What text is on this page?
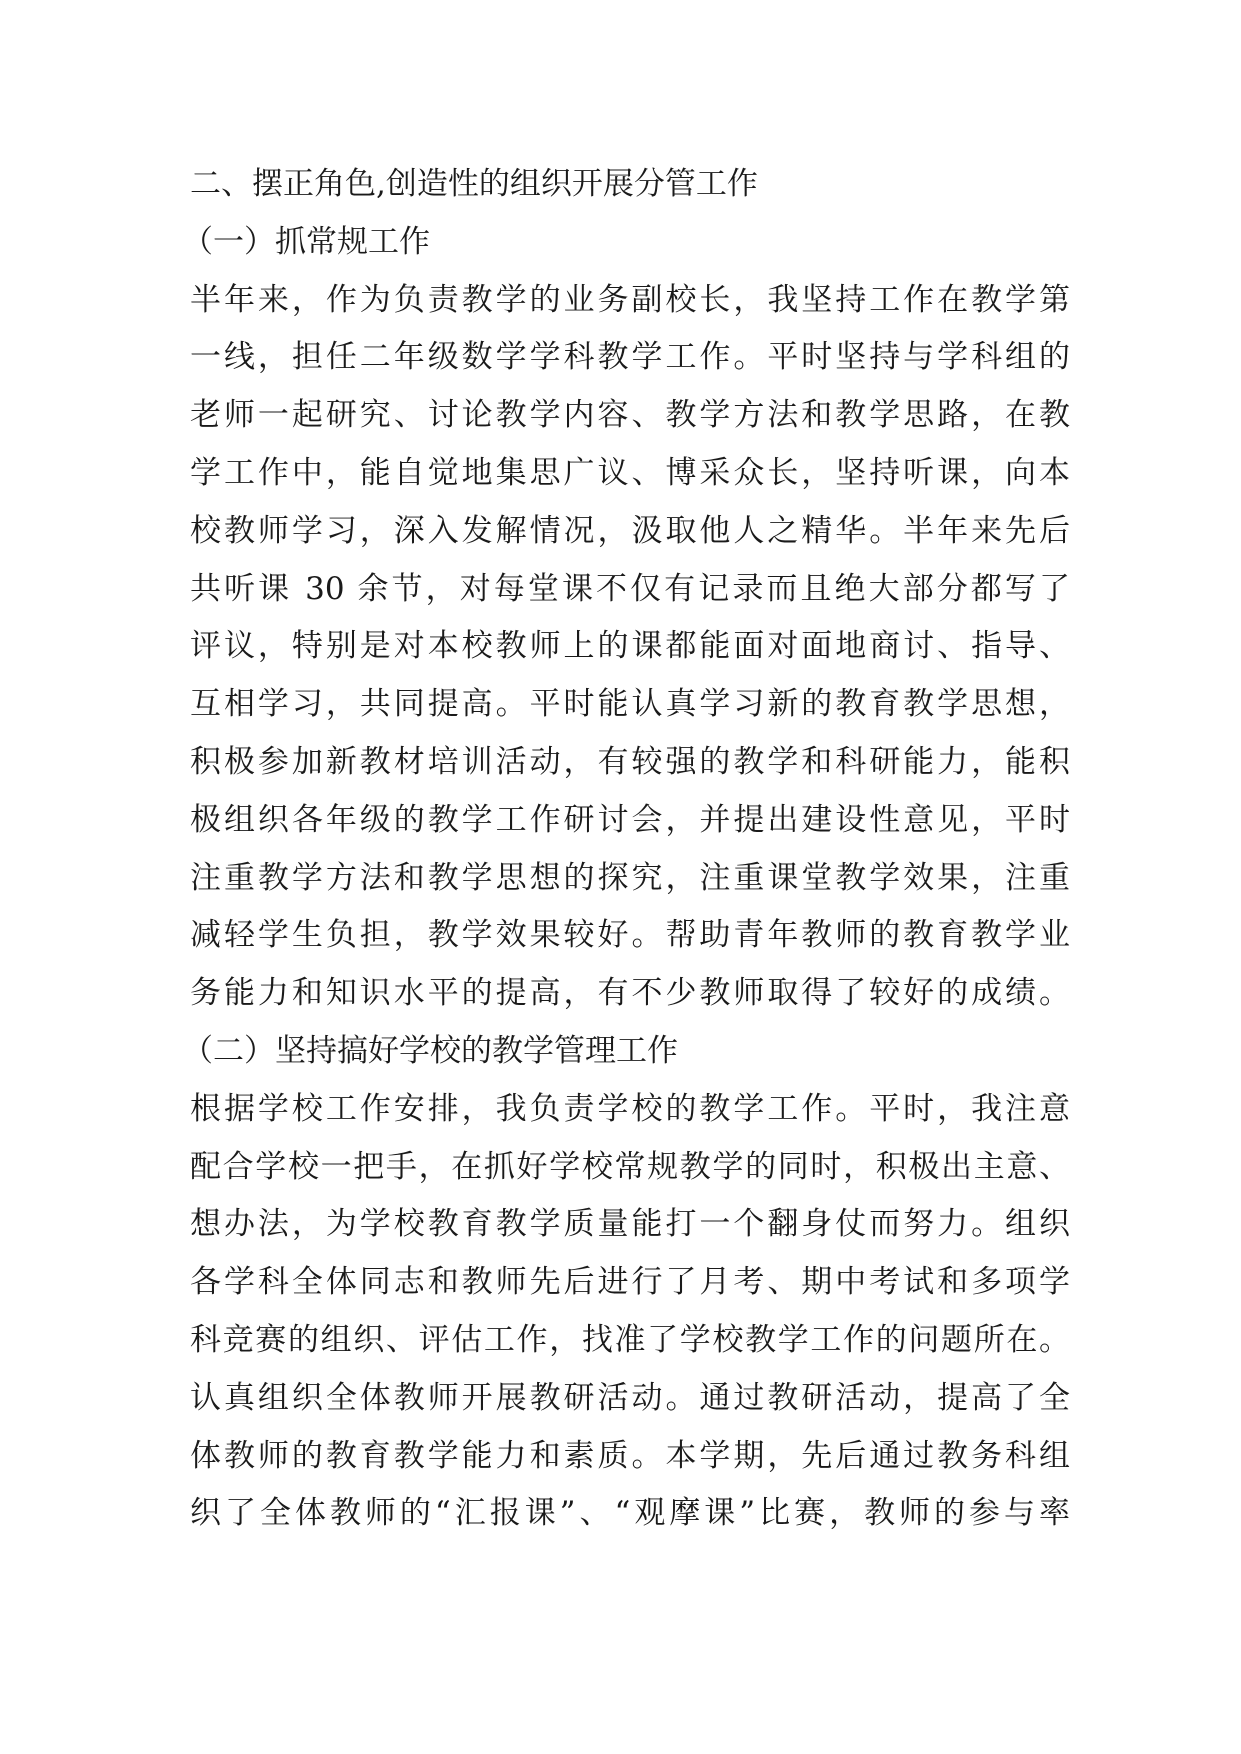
二、摆正角色,创造性的组织开展分管工作
（一）抓常规工作
半年来，作为负责教学的业务副校长，我坚持工作在教学第
一线，担任二年级数学学科教学工作。平时坚持与学科组的
老师一起研究、讨论教学内容、教学方法和教学思路，在教
学工作中，能自觉地集思广议、博采众长，坚持听课，向本
校教师学习，深入发解情况，汲取他人之精华。半年来先后
共听课 30 余节，对每堂课不仅有记录而且绝大部分都写了
评议，特别是对本校教师上的课都能面对面地商讨、指导、
互相学习，共同提高。平时能认真学习新的教育教学思想，
积极参加新教材培训活动，有较强的教学和科研能力，能积
极组织各年级的教学工作研讨会，并提出建设性意见，平时
注重教学方法和教学思想的探究，注重课堂教学效果，注重
减轻学生负担，教学效果较好。帮助青年教师的教育教学业
务能力和知识水平的提高，有不少教师取得了较好的成绩。
（二）坚持搞好学校的教学管理工作
根据学校工作安排，我负责学校的教学工作。平时，我注意
配合学校一把手，在抓好学校常规教学的同时，积极出主意、
想办法，为学校教育教学质量能打一个翻身仗而努力。组织
各学科全体同志和教师先后进行了月考、期中考试和多项学
科竞赛的组织、评估工作，找准了学校教学工作的问题所在。
认真组织全体教师开展教研活动。通过教研活动，提高了全
体教师的教育教学能力和素质。本学期，先后通过教务科组
织了全体教师的“汇报课”、“观摩课”比赛，教师的参与率
